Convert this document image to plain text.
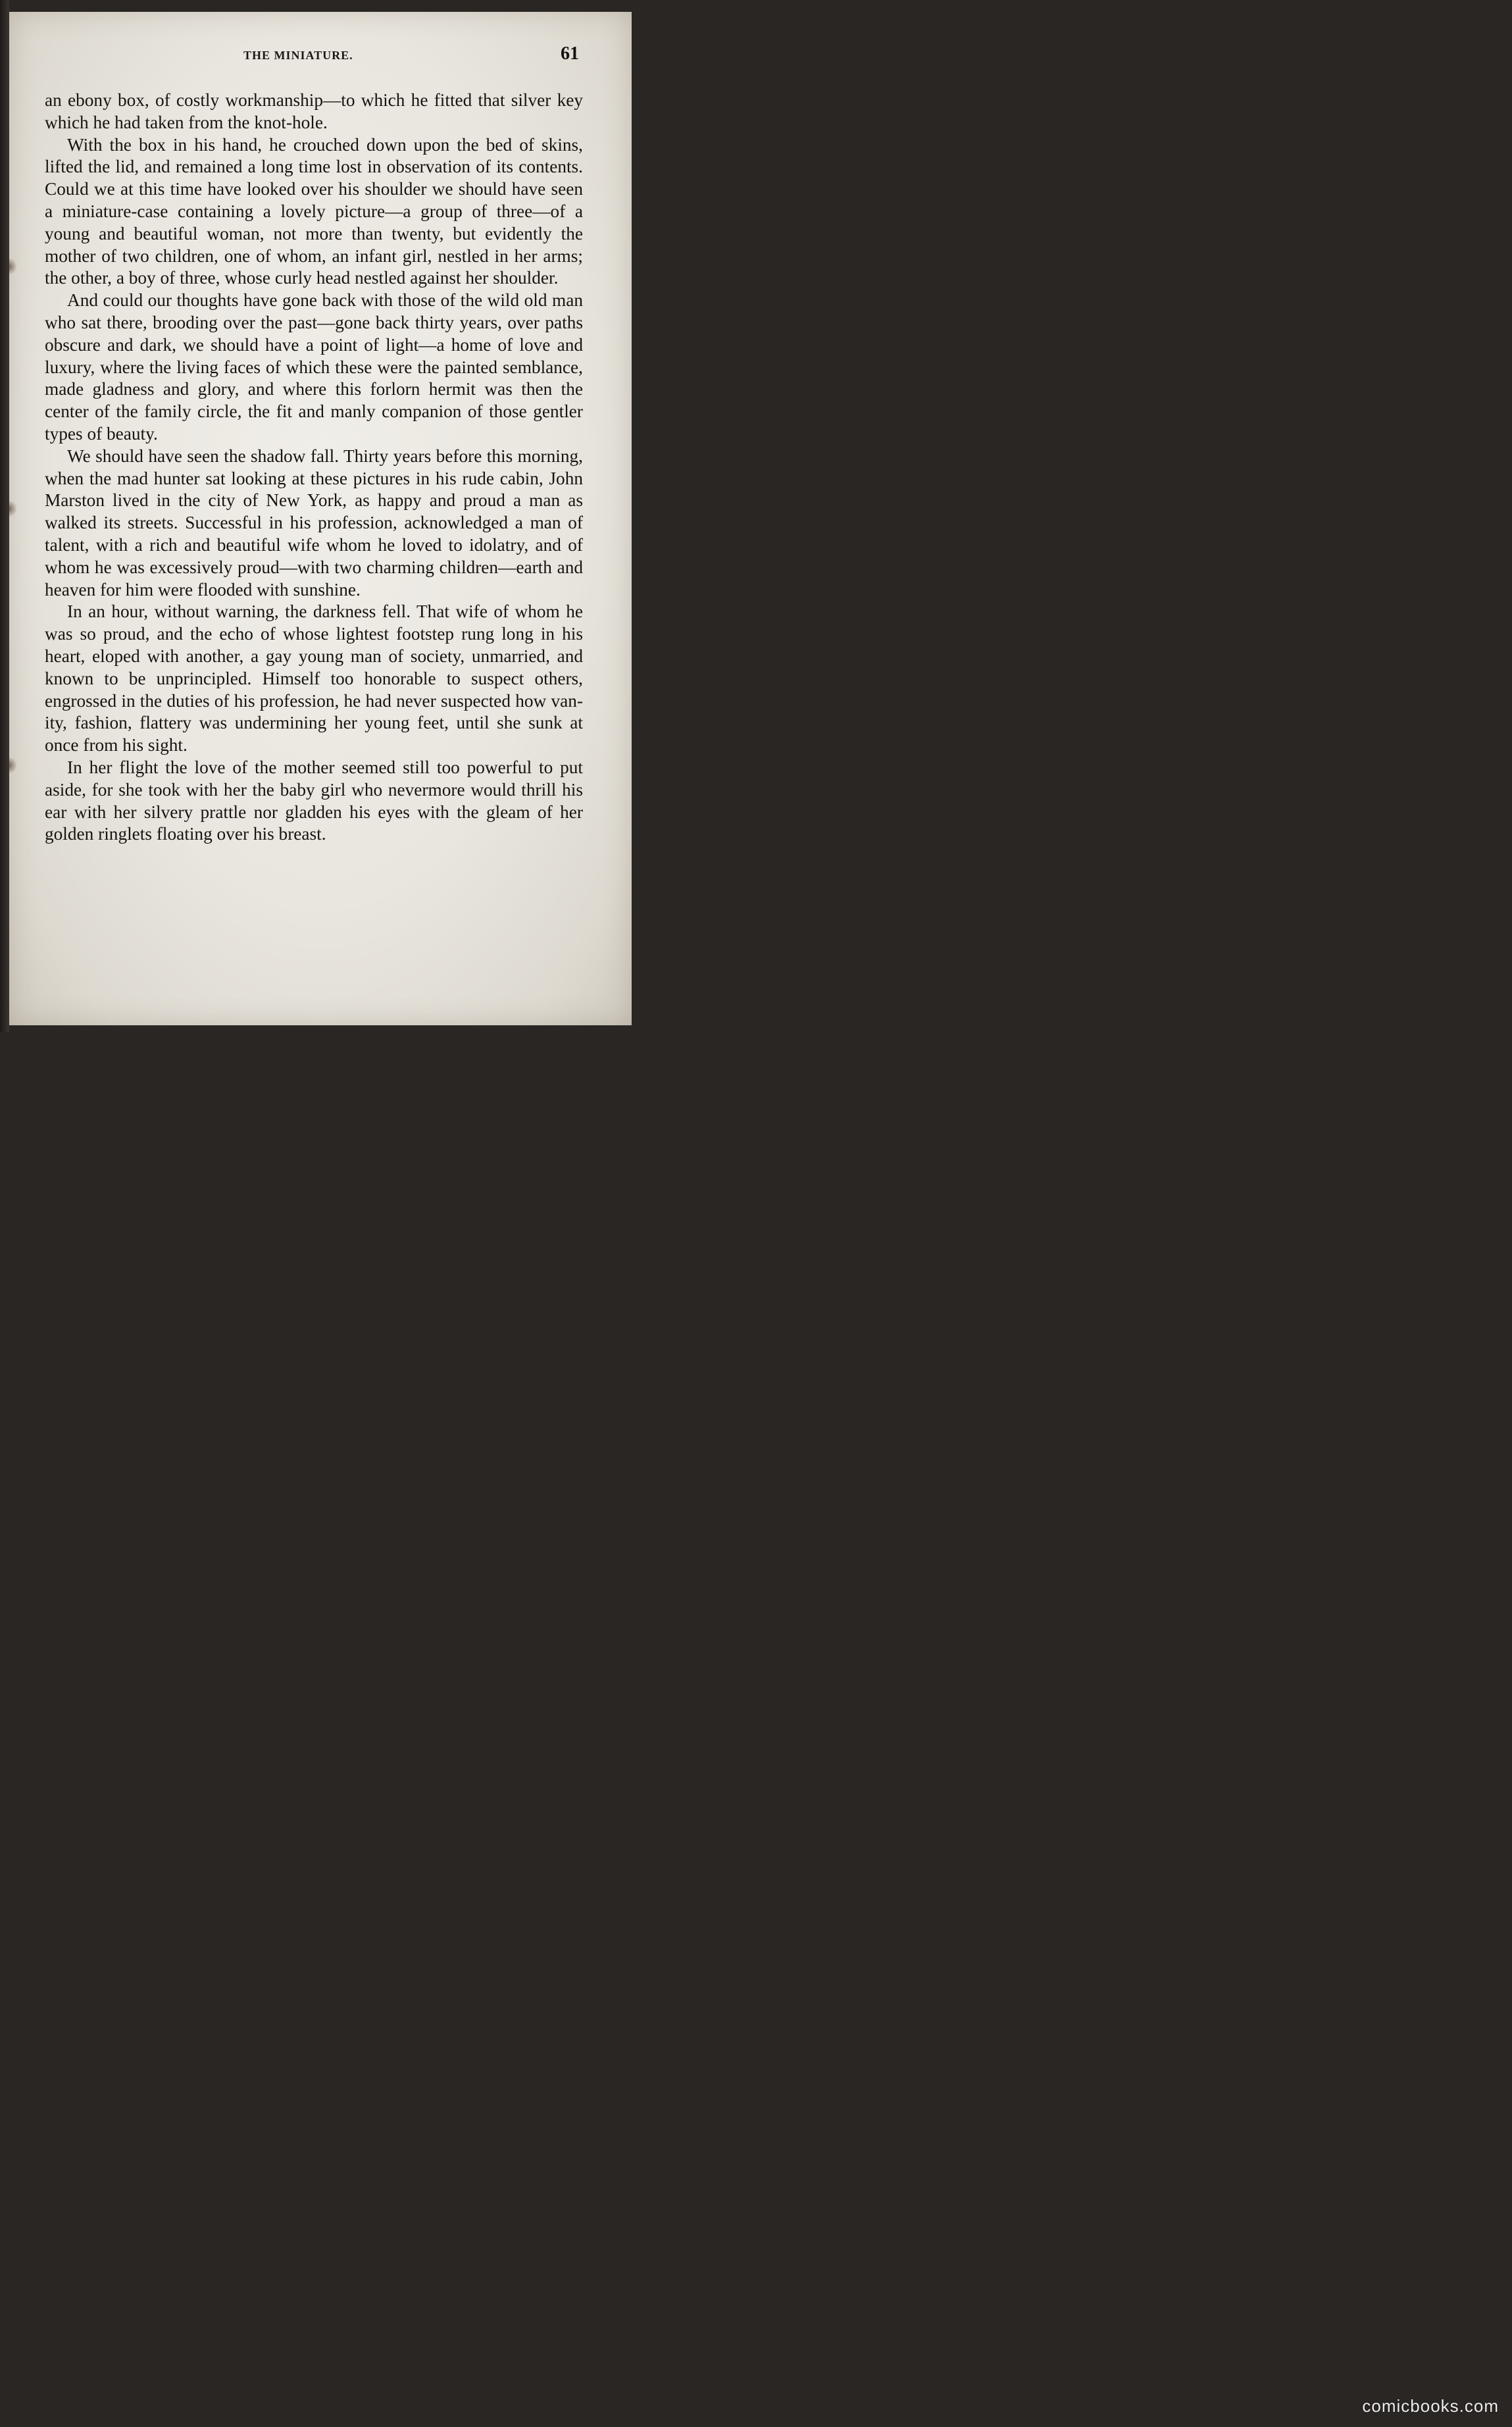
THE MINIATURE.	61

an ebony box, of costly workmanship—to which he fitted that silver key which he had taken from the knot-hole.

With the box in his hand, he crouched down upon the bed of skins, lifted the lid, and remained a long time lost in observation of its contents. Could we at this time have looked over his shoulder we should have seen a miniature-case containing a lovely picture—a group of three—of a young and beautiful woman, not more than twenty, but evidently the mother of two children, one of whom, an infant girl, nestled in her arms; the other, a boy of three, whose curly head nestled against her shoulder.

And could our thoughts have gone back with those of the wild old man who sat there, brooding over the past—gone back thirty years, over paths obscure and dark, we should have a point of light—a home of love and luxury, where the living faces of which these were the painted semblance, made gladness and glory, and where this forlorn hermit was then the center of the family circle, the fit and manly companion of those gentler types of beauty.

We should have seen the shadow fall. Thirty years before this morning, when the mad hunter sat looking at these pictures in his rude cabin, John Marston lived in the city of New York, as happy and proud a man as walked its streets. Successful in his profession, acknowledged a man of talent, with a rich and beautiful wife whom he loved to idolatry, and of whom he was excessively proud—with two charming children—earth and heaven for him were flooded with sunshine.

In an hour, without warning, the darkness fell. That wife of whom he was so proud, and the echo of whose lightest footstep rung long in his heart, eloped with another, a gay young man of society, unmarried, and known to be unprincipled. Himself too honorable to suspect others, engrossed in the duties of his profession, he had never suspected how vanity, fashion, flattery was undermining her young feet, until she sunk at once from his sight.

In her flight the love of the mother seemed still too powerful to put aside, for she took with her the baby girl who nevermore would thrill his ear with her silvery prattle nor gladden his eyes with the gleam of her golden ringlets floating over his breast.

comicbooks.com
